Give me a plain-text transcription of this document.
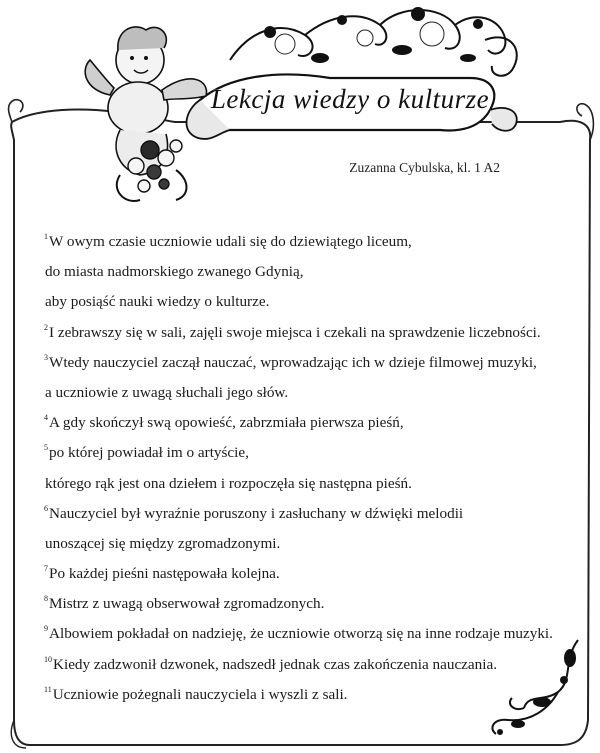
Lekcja wiedzy o kulturze
Zuzanna Cybulska, kl. 1 A2
$^1$W owym czasie uczniowie udali się do dziewiątego liceum,
do miasta nadmorskiego zwanego Gdynią,
aby posiąść nauki wiedzy o kulturze.
$^2$I zebrawszy się w sali, zajęli swoje miejsca i czekali na sprawdzenie liczebności.
$^3$Wtedy nauczyciel zaczął nauczać, wprowadzając ich w dzieje filmowej muzyki,
a uczniowie z uwagą słuchali jego słów.
$^4$A gdy skończył swą opowieść, zabrzmiała pierwsza pieśń,
$^5$po której powiadał im o artyście,
którego rąk jest ona dziełem i rozpoczęła się następna pieśń.
$^6$Nauczyciel był wyraźnie poruszony i zasłuchany w dźwięki melodii
unoszącej się między zgromadzonymi.
$^7$Po każdej pieśni następowała kolejna.
$^8$Mistrz z uwagą obserwował zgromadzonych.
$^9$Albowiem pokładał on nadzieję, że uczniowie otworzą się na inne rodzaje muzyki.
$^{10}$Kiedy zadzwonił dzwonek, nadszedł jednak czas zakończenia nauczania.
$^{11}$Uczniowie pożegnali nauczyciela i wyszli z sali.
